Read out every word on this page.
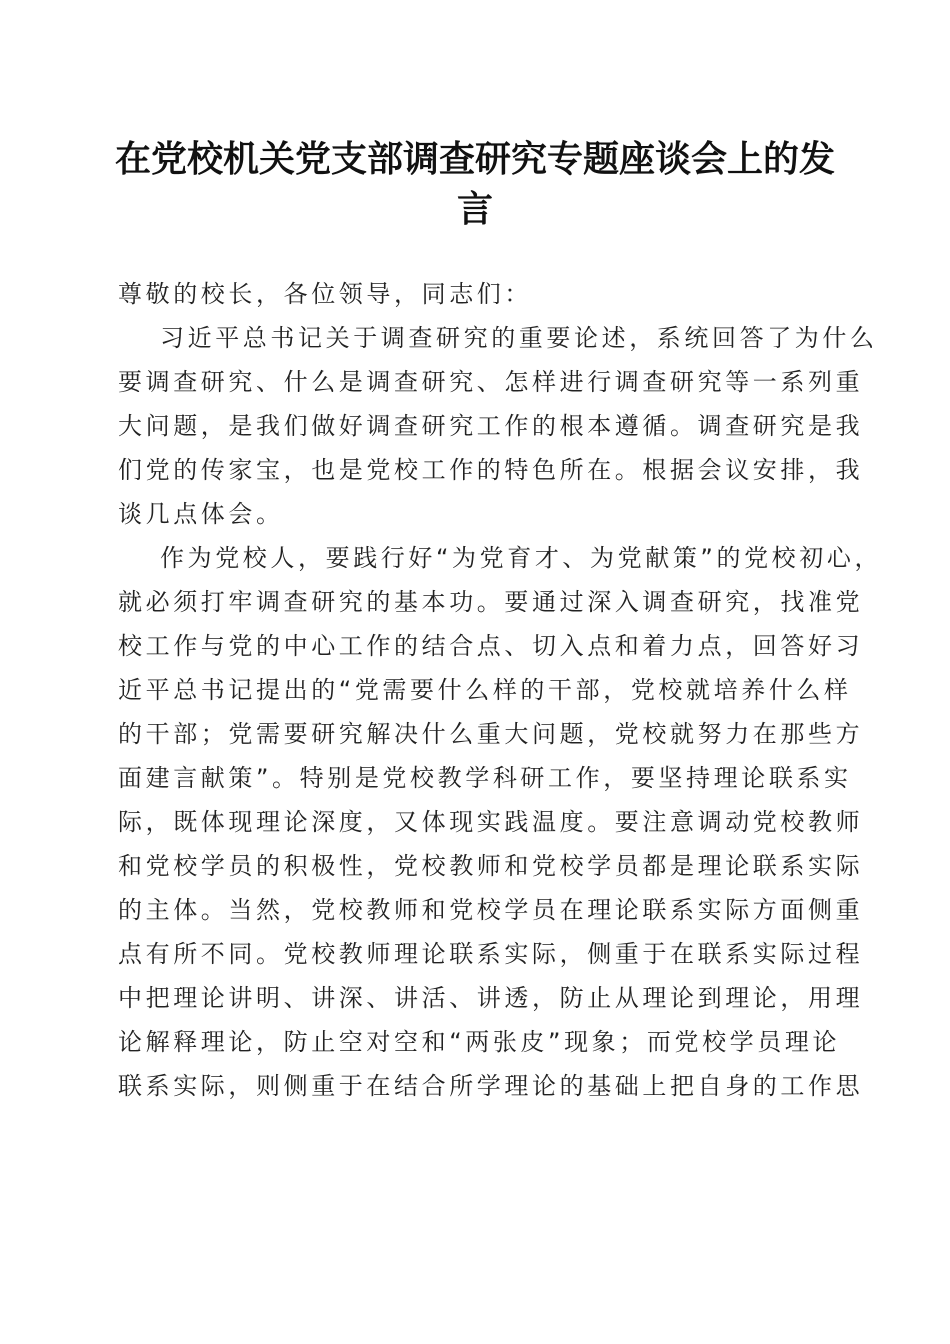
在党校机关党支部调查研究专题座谈会上的发
言
尊敬的校长，各位领导，同志们：
习近平总书记关于调查研究的重要论述，系统回答了为什么
要调查研究、什么是调查研究、怎样进行调查研究等一系列重
大问题，是我们做好调查研究工作的根本遵循。调查研究是我
们党的传家宝，也是党校工作的特色所在。根据会议安排，我
谈几点体会。
作为党校人，要践行好“为党育才、为党献策”的党校初心，
就必须打牢调查研究的基本功。要通过深入调查研究，找准党
校工作与党的中心工作的结合点、切入点和着力点，回答好习
近平总书记提出的“党需要什么样的干部，党校就培养什么样
的干部；党需要研究解决什么重大问题，党校就努力在那些方
面建言献策”。特别是党校教学科研工作，要坚持理论联系实
际，既体现理论深度，又体现实践温度。要注意调动党校教师
和党校学员的积极性，党校教师和党校学员都是理论联系实际
的主体。当然，党校教师和党校学员在理论联系实际方面侧重
点有所不同。党校教师理论联系实际，侧重于在联系实际过程
中把理论讲明、讲深、讲活、讲透，防止从理论到理论，用理
论解释理论，防止空对空和“两张皮”现象；而党校学员理论
联系实际，则侧重于在结合所学理论的基础上把自身的工作思
